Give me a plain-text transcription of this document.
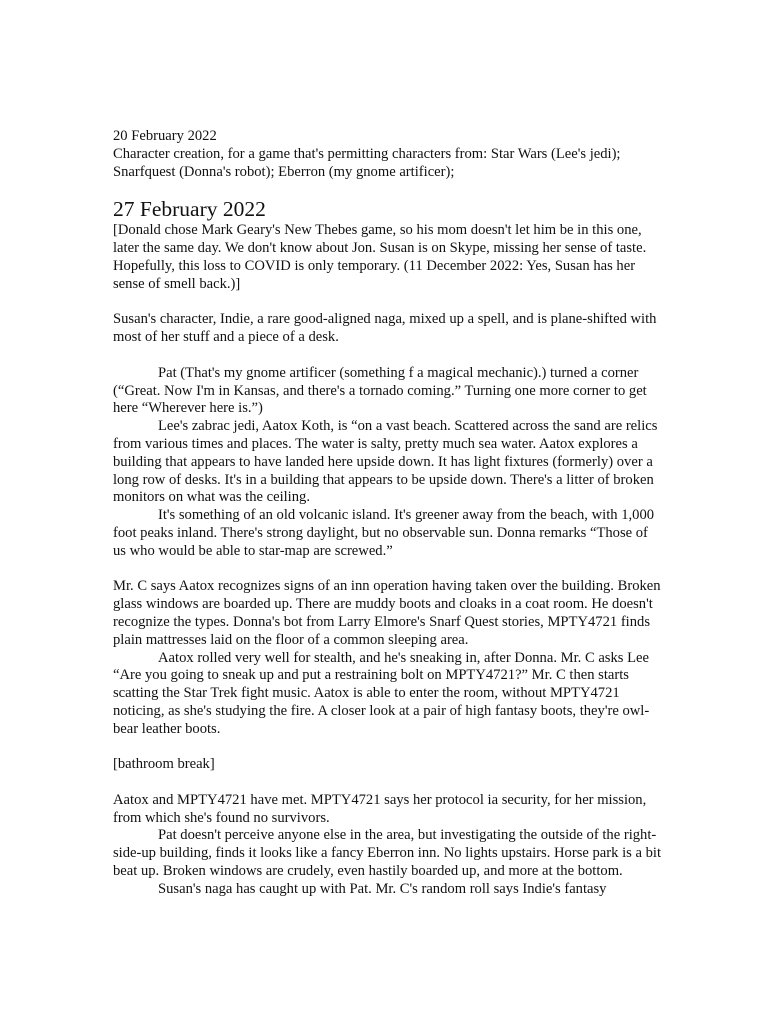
20 February 2022

Character creation, for a game that's permitting characters from: Star Wars (Lee's jedi); Snarfquest (Donna's robot); Eberron (my gnome artificer);

27 February 2022

[Donald chose Mark Geary's New Thebes game, so his mom doesn't let him be in this one, later the same day. We don't know about Jon. Susan is on Skype, missing her sense of taste. Hopefully, this loss to COVID is only temporary. (11 December 2022: Yes, Susan has her sense of smell back.)]

Susan's character, Indie, a rare good-aligned naga, mixed up a spell, and is plane-shifted with most of her stuff and a piece of a desk.

Pat (That's my gnome artificer (something f a magical mechanic).) turned a corner (“Great. Now I'm in Kansas, and there's a tornado coming.” Turning one more corner to get here “Wherever here is.”)

Lee's zabrac jedi, Aatox Koth, is “on a vast beach. Scattered across the sand are relics from various times and places. The water is salty, pretty much sea water. Aatox explores a building that appears to have landed here upside down. It has light fixtures (formerly) over a long row of desks. It's in a building that appears to be upside down. There's a litter of broken monitors on what was the ceiling.

It's something of an old volcanic island. It's greener away from the beach, with 1,000 foot peaks inland. There's strong daylight, but no observable sun. Donna remarks “Those of us who would be able to star-map are screwed.”

Mr. C says Aatox recognizes signs of an inn operation having taken over the building. Broken glass windows are boarded up. There are muddy boots and cloaks in a coat room. He doesn't recognize the types. Donna's bot from Larry Elmore's Snarf Quest stories, MPTY4721 finds plain mattresses laid on the floor of a common sleeping area.

Aatox rolled very well for stealth, and he's sneaking in, after Donna. Mr. C asks Lee “Are you going to sneak up and put a restraining bolt on MPTY4721?” Mr. C then starts scatting the Star Trek fight music. Aatox is able to enter the room, without MPTY4721 noticing, as she's studying the fire. A closer look at a pair of high fantasy boots, they're owl-bear leather boots.

[bathroom break]

Aatox and MPTY4721 have met. MPTY4721 says her protocol ia security, for her mission, from which she's found no survivors.

Pat doesn't perceive anyone else in the area, but investigating the outside of the right-side-up building, finds it looks like a fancy Eberron inn. No lights upstairs. Horse park is a bit beat up. Broken windows are crudely, even hastily boarded up, and more at the bottom.

Susan's naga has caught up with Pat. Mr. C's random roll says Indie's fantasy
